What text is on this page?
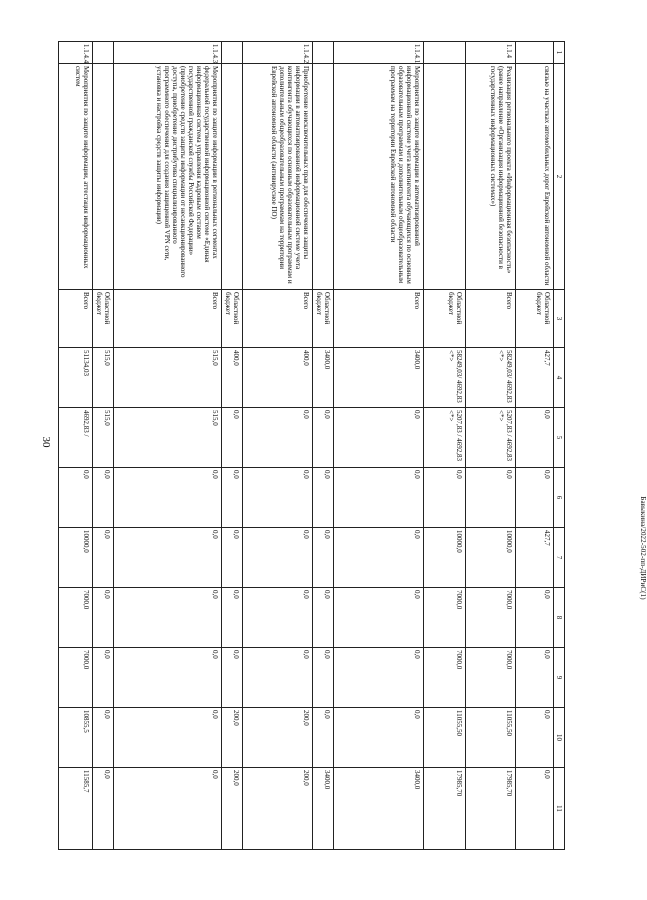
30
Бавыкина/2022-502-пп-ДИРиС(1)
1	2	3	4	5	6	7	8	9	10	11
	связью на участках автомобильных дорог Еврейской автономной области	Областной бюджет	427,7	0,0	0,0	427,7	0,0	0,0	0,0	0,0
1.1.4	Реализация регионального проекта «Информационная безопасность» (ранее направление «Организация информационной безопасности в государственных информационных системах»)	Всего	58249,03/ 4692,83 <*>	5207,83 / 4692,83 <*>	0,0	10000,0	7000,0	7000,0	11055,50	17985,70
		Областной бюджет	58249,03/ 4692,83 <*>	5207,83 / 4692,83 <*>	0,0	10000,0	7000,0	7000,0	11055,50	17985,70
1.1.4.1	Мероприятия по защите информации в автоматизированной информационной системе учета контингента обучающихся по основным образовательным программам и дополнительным общеобразовательным программам на территории Еврейской автономной области	Всего	3400,0	0,0	0,0	0,0	0,0	0,0	0,0	3400,0
		Областной бюджет	3400,0	0,0	0,0	0,0	0,0	0,0	0,0	3400,0
1.1.4.2	Приобретение неисключительных прав для обеспечения защиты информации в автоматизированной информационной системе учета контингента обучающихся по основным образовательным программам и дополнительным общеобразовательным программам на территории Еврейской автономной области (антивирусное ПО)	Всего	400,0	0,0	0,0	0,0	0,0	0,0	200,0	200,0
		Областной бюджет	400,0	0,0	0,0	0,0	0,0	0,0	200,0	200,0
1.1.4.3	Мероприятия по защите информации в региональных сегментах федеральной государственной информационной системе «Единая информационная система управления кадровым составом государственной гражданской службы Российской Федерации» (приобретение средств защиты информации от несанкционированного доступа, приобретение дистрибутива специализированного программного обеспечения для создания защищенной VPN сети, установка и настройка средств защиты информации)	Всего	515,0	515,0	0,0	0,0	0,0	0,0	0,0	0,0
		Областной бюджет	515,0	515,0	0,0	0,0	0,0	0,0	0,0	0,0
1.1.4.4	Мероприятия по защите информации, аттестация информационных систем	Всего	51134,03	4692,83 /	0,0	10000,0	7000,0	7000,0	10855,5	11585,7
